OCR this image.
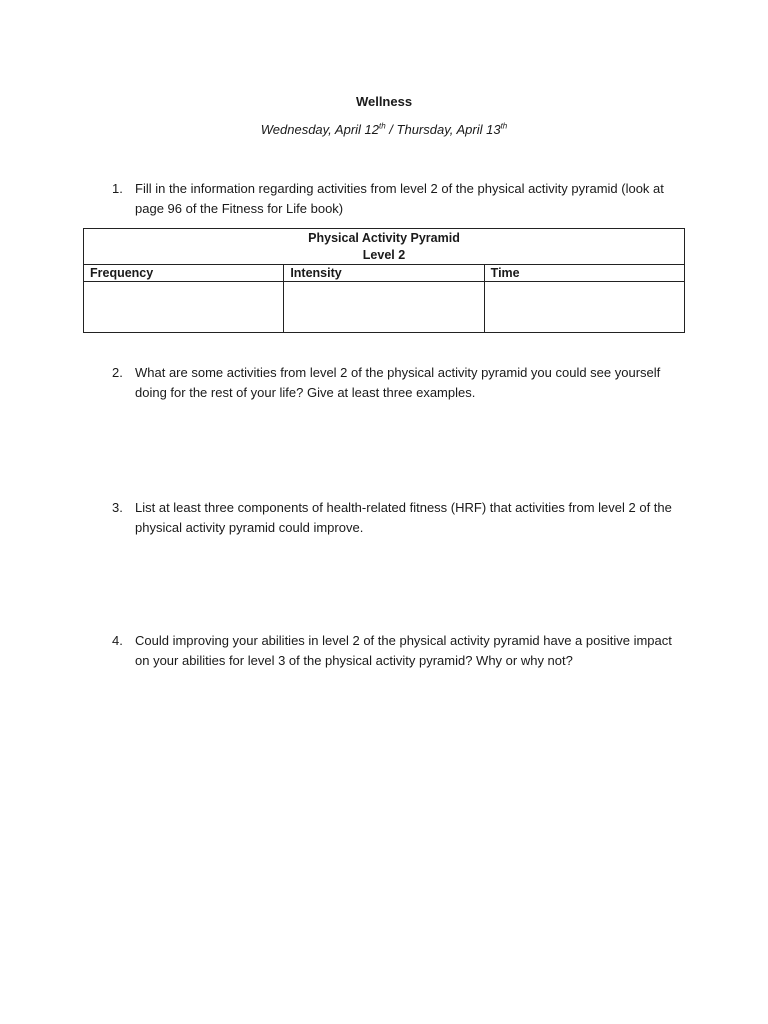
Wellness
Wednesday, April 12th / Thursday, April 13th
1. Fill in the information regarding activities from level 2 of the physical activity pyramid (look at page 96 of the Fitness for Life book)
Physical Activity Pyramid
Level 2		

Frequency	Intensity	Time

2. What are some activities from level 2 of the physical activity pyramid you could see yourself doing for the rest of your life? Give at least three examples.
3. List at least three components of health-related fitness (HRF) that activities from level 2 of the physical activity pyramid could improve.
4. Could improving your abilities in level 2 of the physical activity pyramid have a positive impact on your abilities for level 3 of the physical activity pyramid? Why or why not?
